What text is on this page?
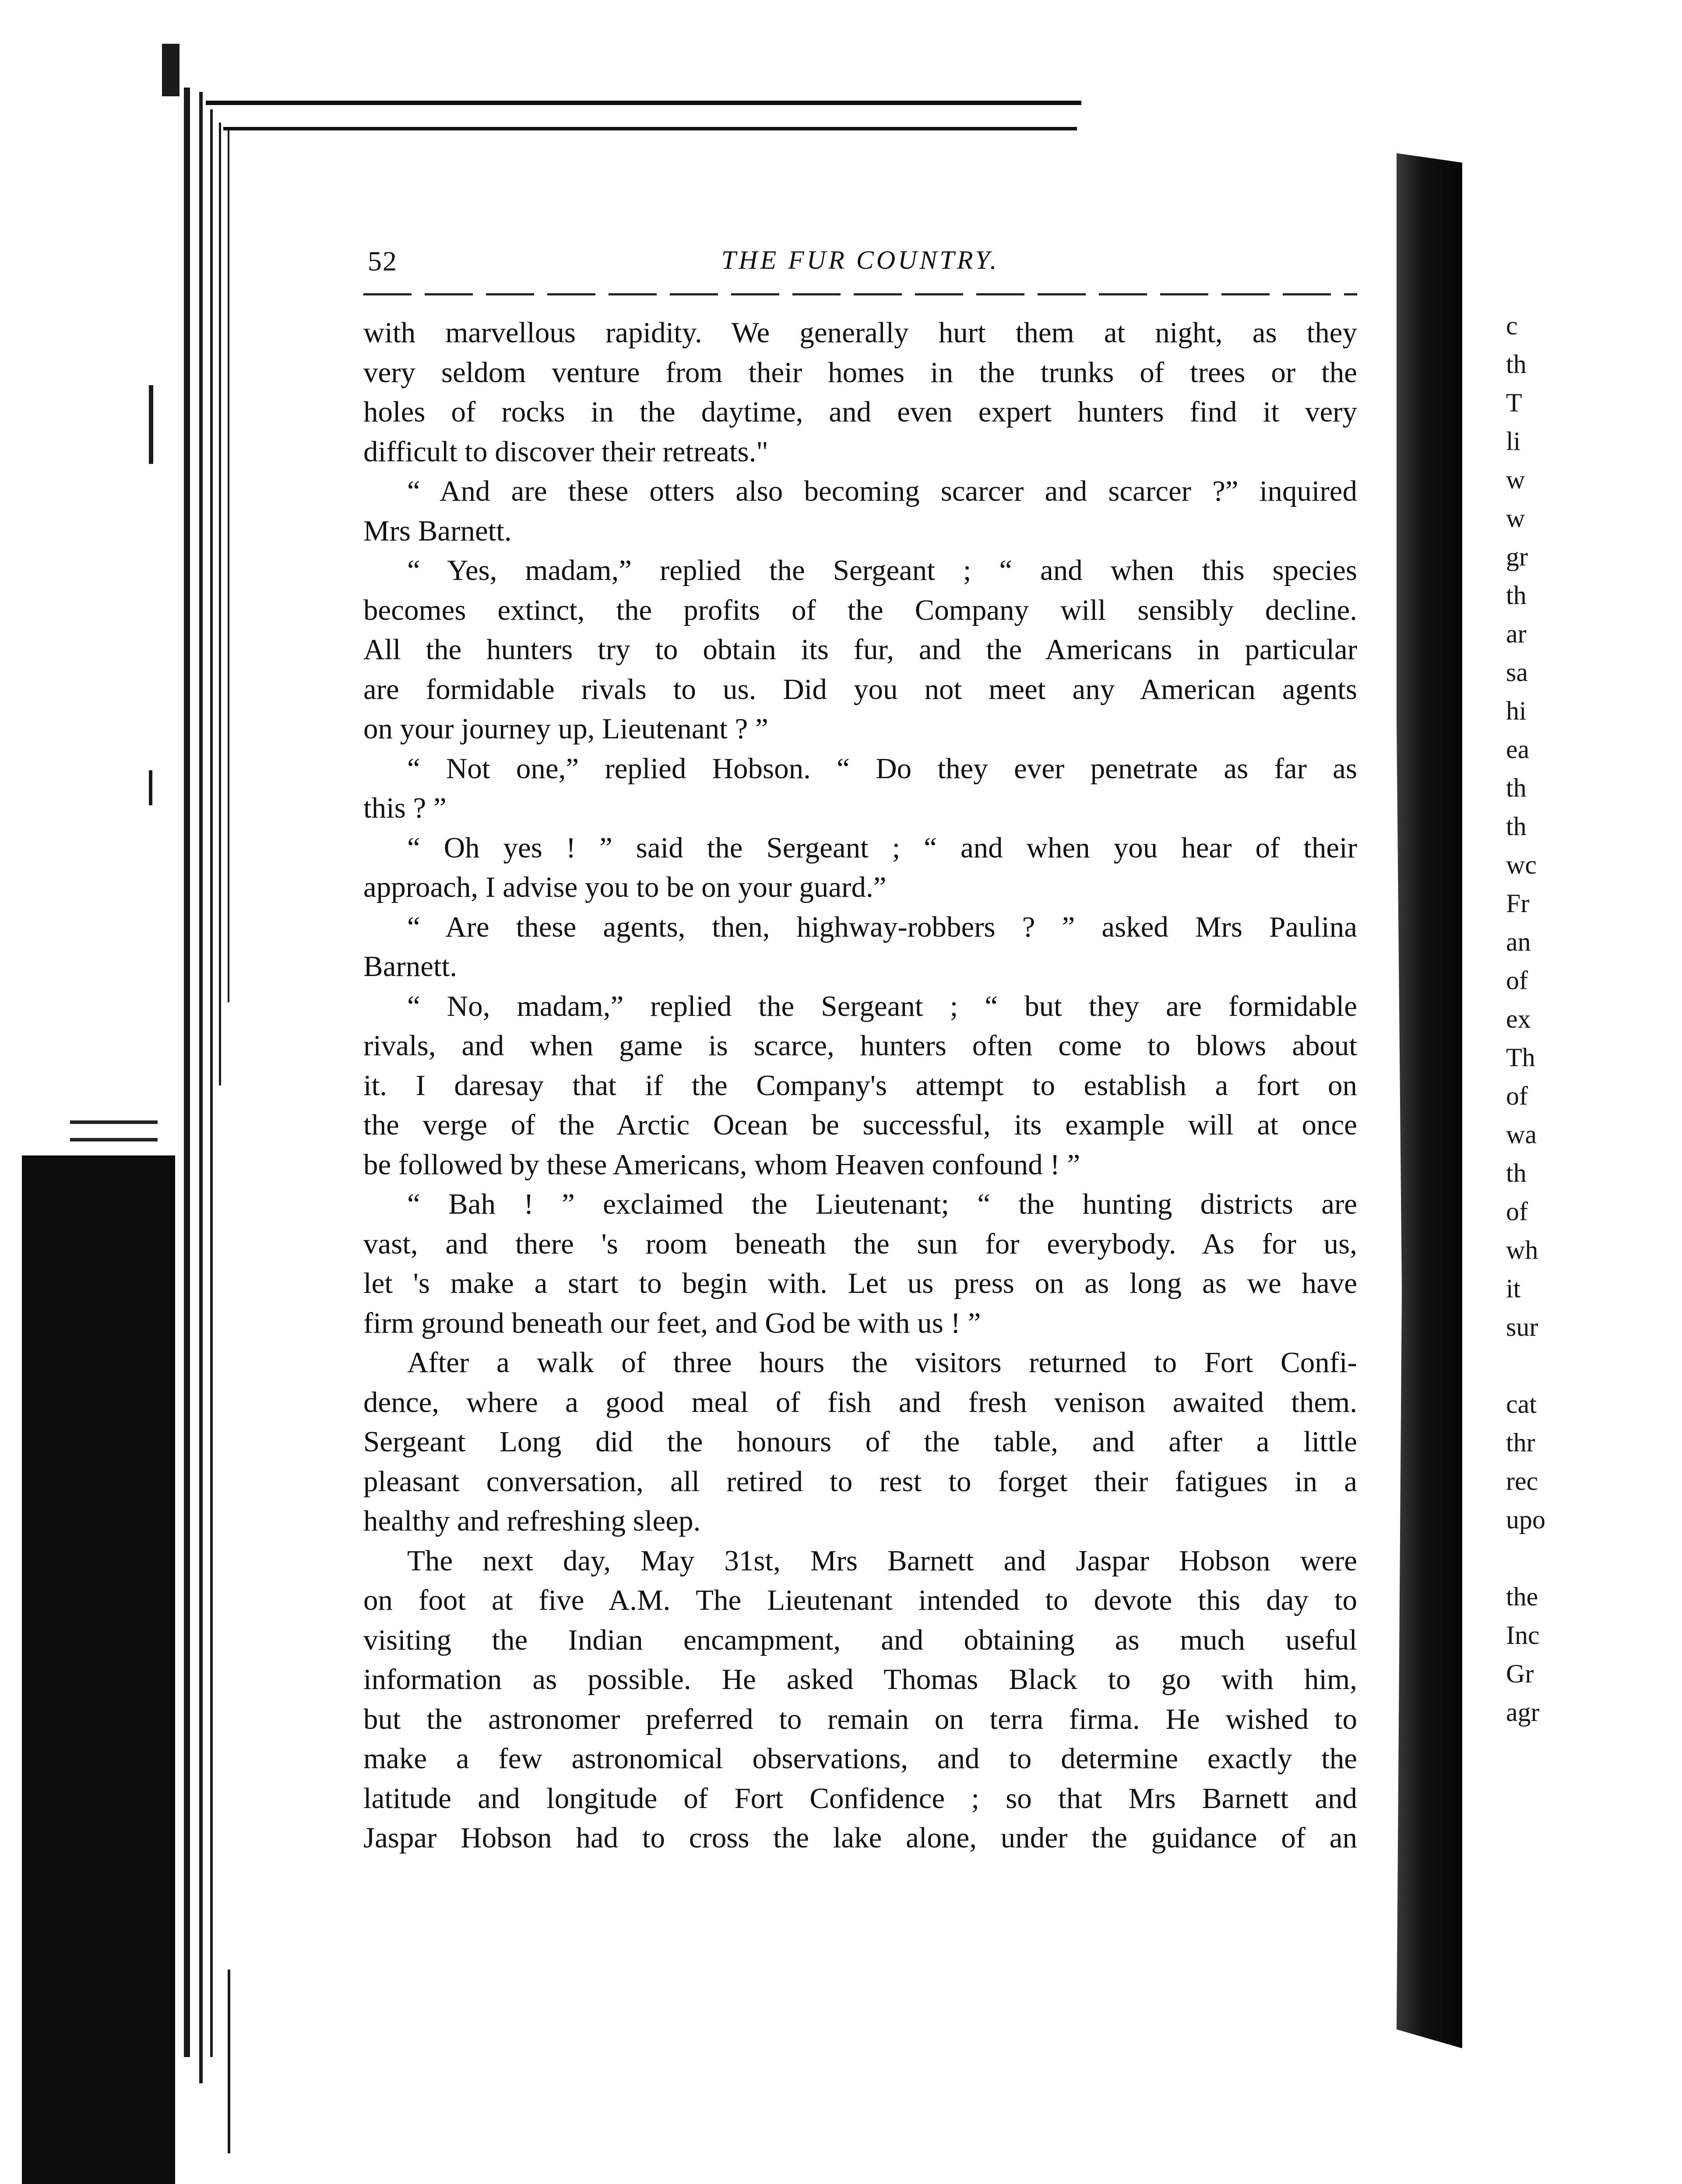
52	THE FUR COUNTRY.
with marvellous rapidity. We generally hurt them at night, as they
very seldom venture from their homes in the trunks of trees or the
holes of rocks in the daytime, and even expert hunters find it very
difficult to discover their retreats."
“ And are these otters also becoming scarcer and scarcer ?” inquired
Mrs Barnett.
“ Yes, madam,” replied the Sergeant ; “ and when this species
becomes extinct, the profits of the Company will sensibly decline.
All the hunters try to obtain its fur, and the Americans in particular
are formidable rivals to us. Did you not meet any American agents
on your journey up, Lieutenant ? ”
“ Not one,” replied Hobson. “ Do they ever penetrate as far as
this ? ”
“ Oh yes ! ” said the Sergeant ; “ and when you hear of their
approach, I advise you to be on your guard.”
“ Are these agents, then, highway-robbers ? ” asked Mrs Paulina
Barnett.
“ No, madam,” replied the Sergeant ; “ but they are formidable
rivals, and when game is scarce, hunters often come to blows about
it. I daresay that if the Company's attempt to establish a fort on
the verge of the Arctic Ocean be successful, its example will at once
be followed by these Americans, whom Heaven confound ! ”
“ Bah ! ” exclaimed the Lieutenant; “ the hunting districts are
vast, and there 's room beneath the sun for everybody. As for us,
let 's make a start to begin with. Let us press on as long as we have
firm ground beneath our feet, and God be with us ! ”
After a walk of three hours the visitors returned to Fort Confi-
dence, where a good meal of fish and fresh venison awaited them.
Sergeant Long did the honours of the table, and after a little
pleasant conversation, all retired to rest to forget their fatigues in a
healthy and refreshing sleep.
The next day, May 31st, Mrs Barnett and Jaspar Hobson were
on foot at five A.M. The Lieutenant intended to devote this day to
visiting the Indian encampment, and obtaining as much useful
information as possible. He asked Thomas Black to go with him,
but the astronomer preferred to remain on terra firma. He wished to
make a few astronomical observations, and to determine exactly the
latitude and longitude of Fort Confidence ; so that Mrs Barnett and
Jaspar Hobson had to cross the lake alone, under the guidance of an
c
th
T
li
w
w
gr
th
ar
sa
hi
ea
th
th
wc
Fr
an
of
ex
Th
of
wa
th
of
wh
it
sur
cat
thr
rec
upo
the
Inc
Gr
agr
